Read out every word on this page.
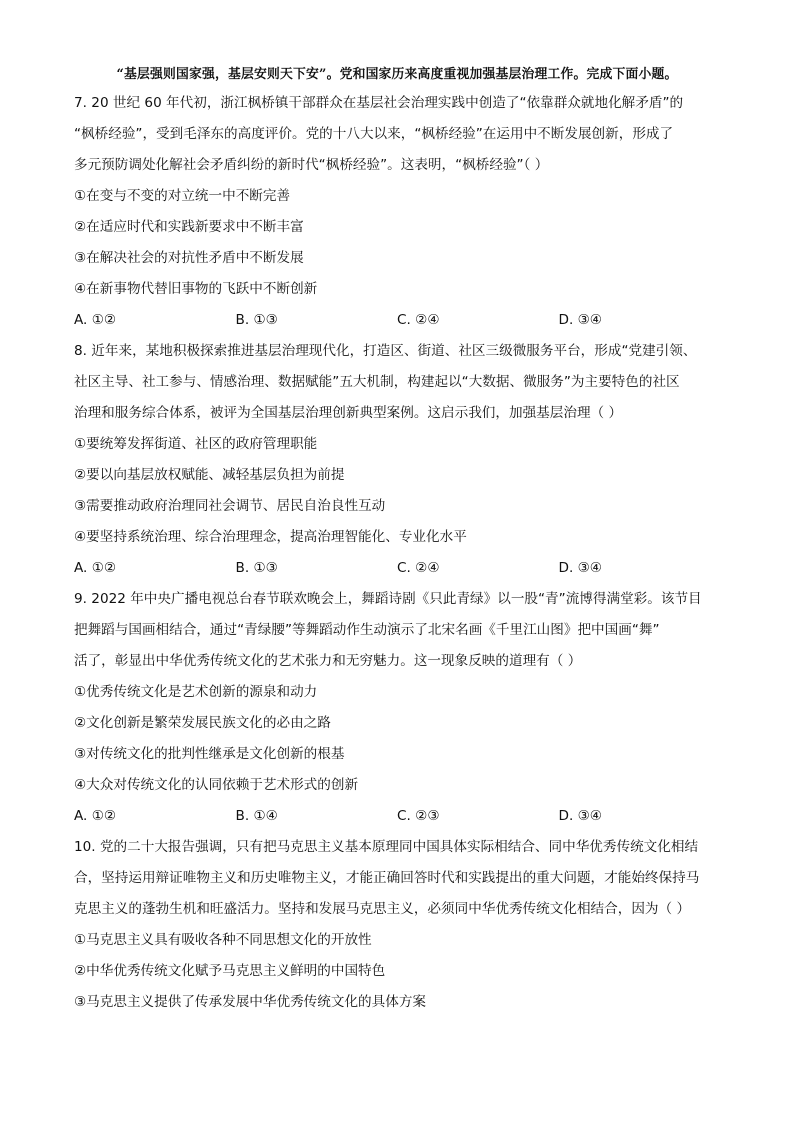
“基层强则国家强，基层安则天下安”。党和国家历来高度重视加强基层治理工作。完成下面小题。

7. 20 世纪 60 年代初，浙江枫桥镇干部群众在基层社会治理实践中创造了“依靠群众就地化解矛盾”的

“枫桥经验”，受到毛泽东的高度评价。党的十八大以来，“枫桥经验”在运用中不断发展创新，形成了

多元预防调处化解社会矛盾纠纷的新时代“枫桥经验”。这表明，“枫桥经验”（ ）

①在变与不变的对立统一中不断完善

②在适应时代和实践新要求中不断丰富

③在解决社会的对抗性矛盾中不断发展

④在新事物代替旧事物的飞跃中不断创新

A. ①②	B. ①③	C. ②④	D. ③④

8. 近年来，某地积极探索推进基层治理现代化，打造区、街道、社区三级微服务平台，形成“党建引领、

社区主导、社工参与、情感治理、数据赋能”五大机制，构建起以“大数据、微服务”为主要特色的社区

治理和服务综合体系，被评为全国基层治理创新典型案例。这启示我们，加强基层治理（ ）

①要统筹发挥街道、社区的政府管理职能

②要以向基层放权赋能、减轻基层负担为前提

③需要推动政府治理同社会调节、居民自治良性互动

④要坚持系统治理、综合治理理念，提高治理智能化、专业化水平

A. ①②	B. ①③	C. ②④	D. ③④

9. 2022 年中央广播电视总台春节联欢晚会上，舞蹈诗剧《只此青绿》以一股“青”流博得满堂彩。该节目

把舞蹈与国画相结合，通过“青绿腰”等舞蹈动作生动演示了北宋名画《千里江山图》把中国画“舞”

活了，彰显出中华优秀传统文化的艺术张力和无穷魅力。这一现象反映的道理有（ ）

①优秀传统文化是艺术创新的源泉和动力

②文化创新是繁荣发展民族文化的必由之路

③对传统文化的批判性继承是文化创新的根基

④大众对传统文化的认同依赖于艺术形式的创新

A. ①②	B. ①④	C. ②③	D. ③④

10. 党的二十大报告强调，只有把马克思主义基本原理同中国具体实际相结合、同中华优秀传统文化相结

合，坚持运用辩证唯物主义和历史唯物主义，才能正确回答时代和实践提出的重大问题，才能始终保持马

克思主义的蓬勃生机和旺盛活力。坚持和发展马克思主义，必须同中华优秀传统文化相结合，因为（ ）

①马克思主义具有吸收各种不同思想文化的开放性

②中华优秀传统文化赋予马克思主义鲜明的中国特色

③马克思主义提供了传承发展中华优秀传统文化的具体方案
